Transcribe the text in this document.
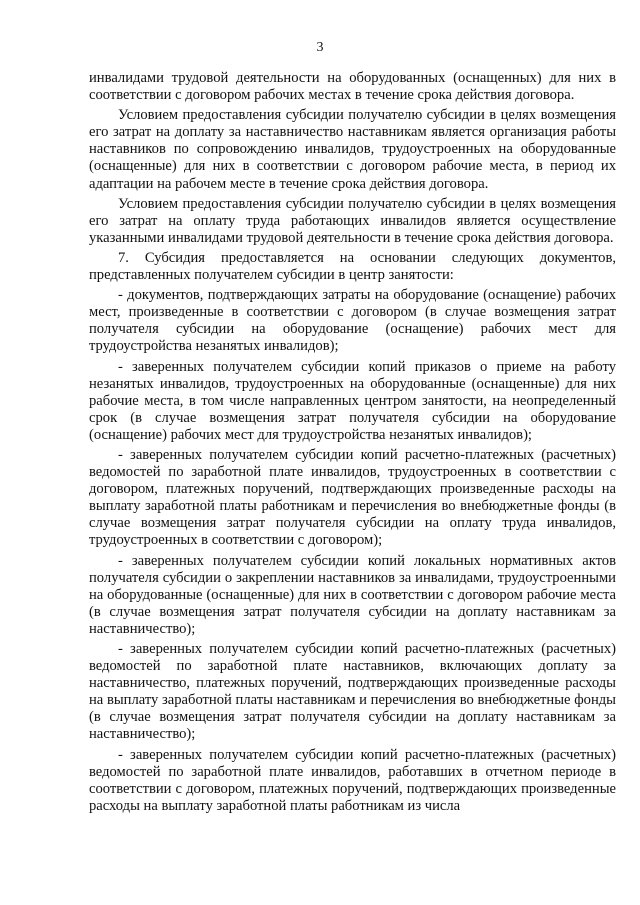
3

инвалидами трудовой деятельности на оборудованных (оснащенных) для них в соответствии с договором рабочих местах в течение срока действия договора.

Условием предоставления субсидии получателю субсидии в целях возмещения его затрат на доплату за наставничество наставникам является организация работы наставников по сопровождению инвалидов, трудоустроенных на оборудованные (оснащенные) для них в соответствии с договором рабочие места, в период их адаптации на рабочем месте в течение срока действия договора.

Условием предоставления субсидии получателю субсидии в целях возмещения его затрат на оплату труда работающих инвалидов является осуществление указанными инвалидами трудовой деятельности в течение срока действия договора.

7. Субсидия предоставляется на основании следующих документов, представленных получателем субсидии в центр занятости:

- документов, подтверждающих затраты на оборудование (оснащение) рабочих мест, произведенные в соответствии с договором (в случае возмещения затрат получателя субсидии на оборудование (оснащение) рабочих мест для трудоустройства незанятых инвалидов);

- заверенных получателем субсидии копий приказов о приеме на работу незанятых инвалидов, трудоустроенных на оборудованные (оснащенные) для них рабочие места, в том числе направленных центром занятости, на неопределенный срок (в случае возмещения затрат получателя субсидии на оборудование (оснащение) рабочих мест для трудоустройства незанятых инвалидов);

- заверенных получателем субсидии копий расчетно-платежных (расчетных) ведомостей по заработной плате инвалидов, трудоустроенных в соответствии с договором, платежных поручений, подтверждающих произведенные расходы на выплату заработной платы работникам и перечисления во внебюджетные фонды (в случае возмещения затрат получателя субсидии на оплату труда инвалидов, трудоустроенных в соответствии с договором);

- заверенных получателем субсидии копий локальных нормативных актов получателя субсидии о закреплении наставников за инвалидами, трудоустроенными на оборудованные (оснащенные) для них в соответствии с договором рабочие места (в случае возмещения затрат получателя субсидии на доплату наставникам за наставничество);

- заверенных получателем субсидии копий расчетно-платежных (расчетных) ведомостей по заработной плате наставников, включающих доплату за наставничество, платежных поручений, подтверждающих произведенные расходы на выплату заработной платы наставникам и перечисления во внебюджетные фонды (в случае возмещения затрат получателя субсидии на доплату наставникам за наставничество);

- заверенных получателем субсидии копий расчетно-платежных (расчетных) ведомостей по заработной плате инвалидов, работавших в отчетном периоде в соответствии с договором, платежных поручений, подтверждающих произведенные расходы на выплату заработной платы работникам из числа
